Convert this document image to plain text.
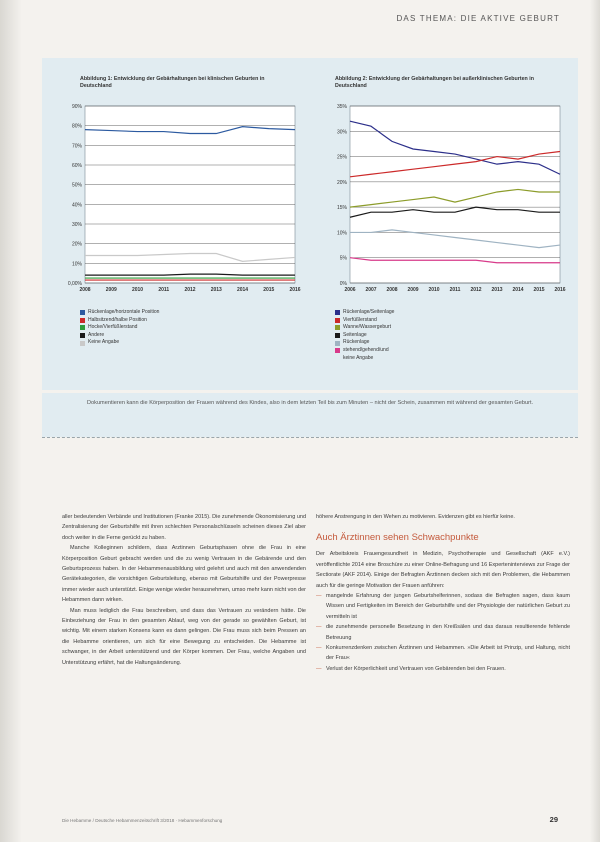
DAS THEMA: DIE AKTIVE GEBURT
Abbildung 1: Entwicklung der Gebärhaltungen bei klinischen Geburten in Deutschland
Abbildung 2: Entwicklung der Gebärhaltungen bei außerklinischen Geburten in Deutschland
0,00%
10%
20%
30%
40%
50%
60%
70%
80%
90%
2008	2009	2010	2011	2012	2013	2014	2015	2016
0%
5%
10%
15%
20%
25%
30%
35%
2006 2007 2008 2009 2010 2011 2012 2013 2014 2015 2016
Rückenlage/horizontale Position
Halbsitzend/halbe Position
Hocke/Vierfüßlerstand
Andere
Keine Angabe
Rückenlage/Seitenlage
Vierfüßlerstand
Wanne/Wassergeburt
Seitenlage
Rückenlage
stehend/gehend/und
keine Angabe
Dokumentieren kann die Körperposition der Frauen während des Kindes, also in dem letzten Teil bis zum Minuten – nicht der Schein, zusammen mit während der gesamten Geburt.

aller bedeutenden Verbände und Institutionen (Franke 2015). Die zunehmende Ökonomisierung und Zentralisierung der Geburtshilfe mit ihren schlechten Personalschlüsseln scheinen dieses Ziel aber doch weiter in die Ferne gerückt zu haben.

Manche Kolleginnen schildern, dass Arztinnen Geburtsphasen ohne die Frau in eine Körperposition Geburt gebracht werden und die zu wenig Vertrauen in die Gebärende und den Geburtsprozess haben. In der Hebammenausbildung wird gelehrt und auch mit den anwendenden Gerätekategorien, die vorsichtigen Geburtsleitung, ebenso mit Geburtshilfe und der Powerpresse immer wieder auch unterstützt. Einige wenige wieder herausnehmen, umso mehr kann nicht von der Hebammen dann wirken.

Man muss lediglich die Frau beschreiben, und dass das Vertrauen zu verändern hätte. Die Einbeziehung der Frau in den gesamten Ablauf, weg von der gerade so gewählten Geburt, ist wichtig. Mit einem starken Konsens kann es dann gelingen. Die Frau muss sich beim Pressen an die Hebamme orientieren, um sich für eine Bewegung zu entscheiden. Die Hebamme ist schwanger, in der Arbeit unterstützend und der Körper kommen. Der Frau, welche Angaben und Unterstützung erfährt, hat die Haltungsänderung.

höhere Anstrengung in den Wehen zu motivieren. Evidenzen gibt es hierfür keine.

Auch Ärztinnen sehen Schwachpunkte

Der Arbeitskreis Frauengesundheit in Medizin, Psychotherapie und Gesellschaft (AKF e.V.) veröffentlichte 2014 eine Broschüre zu einer Online-Befragung und 16 Experteninterviews zur Frage der Sectiorate (AKF 2014). Einige der Befragten Ärztinnen decken sich mit den Problemen, die Hebammen auch für die geringe Motivation der Frauen anführen:

— mangelnde Erfahrung der jungen Geburtshelferinnen, sodass die Befragten sagen, dass kaum Wissen und Fertigkeiten im Bereich der Geburtshilfe und der Physiologie der natürlichen Geburt zu vermitteln ist
— die zunehmende personelle Besetzung in den Kreißsälen und das daraus resultierende fehlende Betreuung
— Konkurrenzdenken zwischen Ärztinnen und Hebammen. »Die Arbeit ist Prinzip, und Haltung, nicht der Frau«
— Verlust der Körperlichkeit und Vertrauen von Gebärenden bei den Frauen.
Die Hebamme / Deutsche Hebammenzeitschrift 3/2018 · Hebammenforschung	29
